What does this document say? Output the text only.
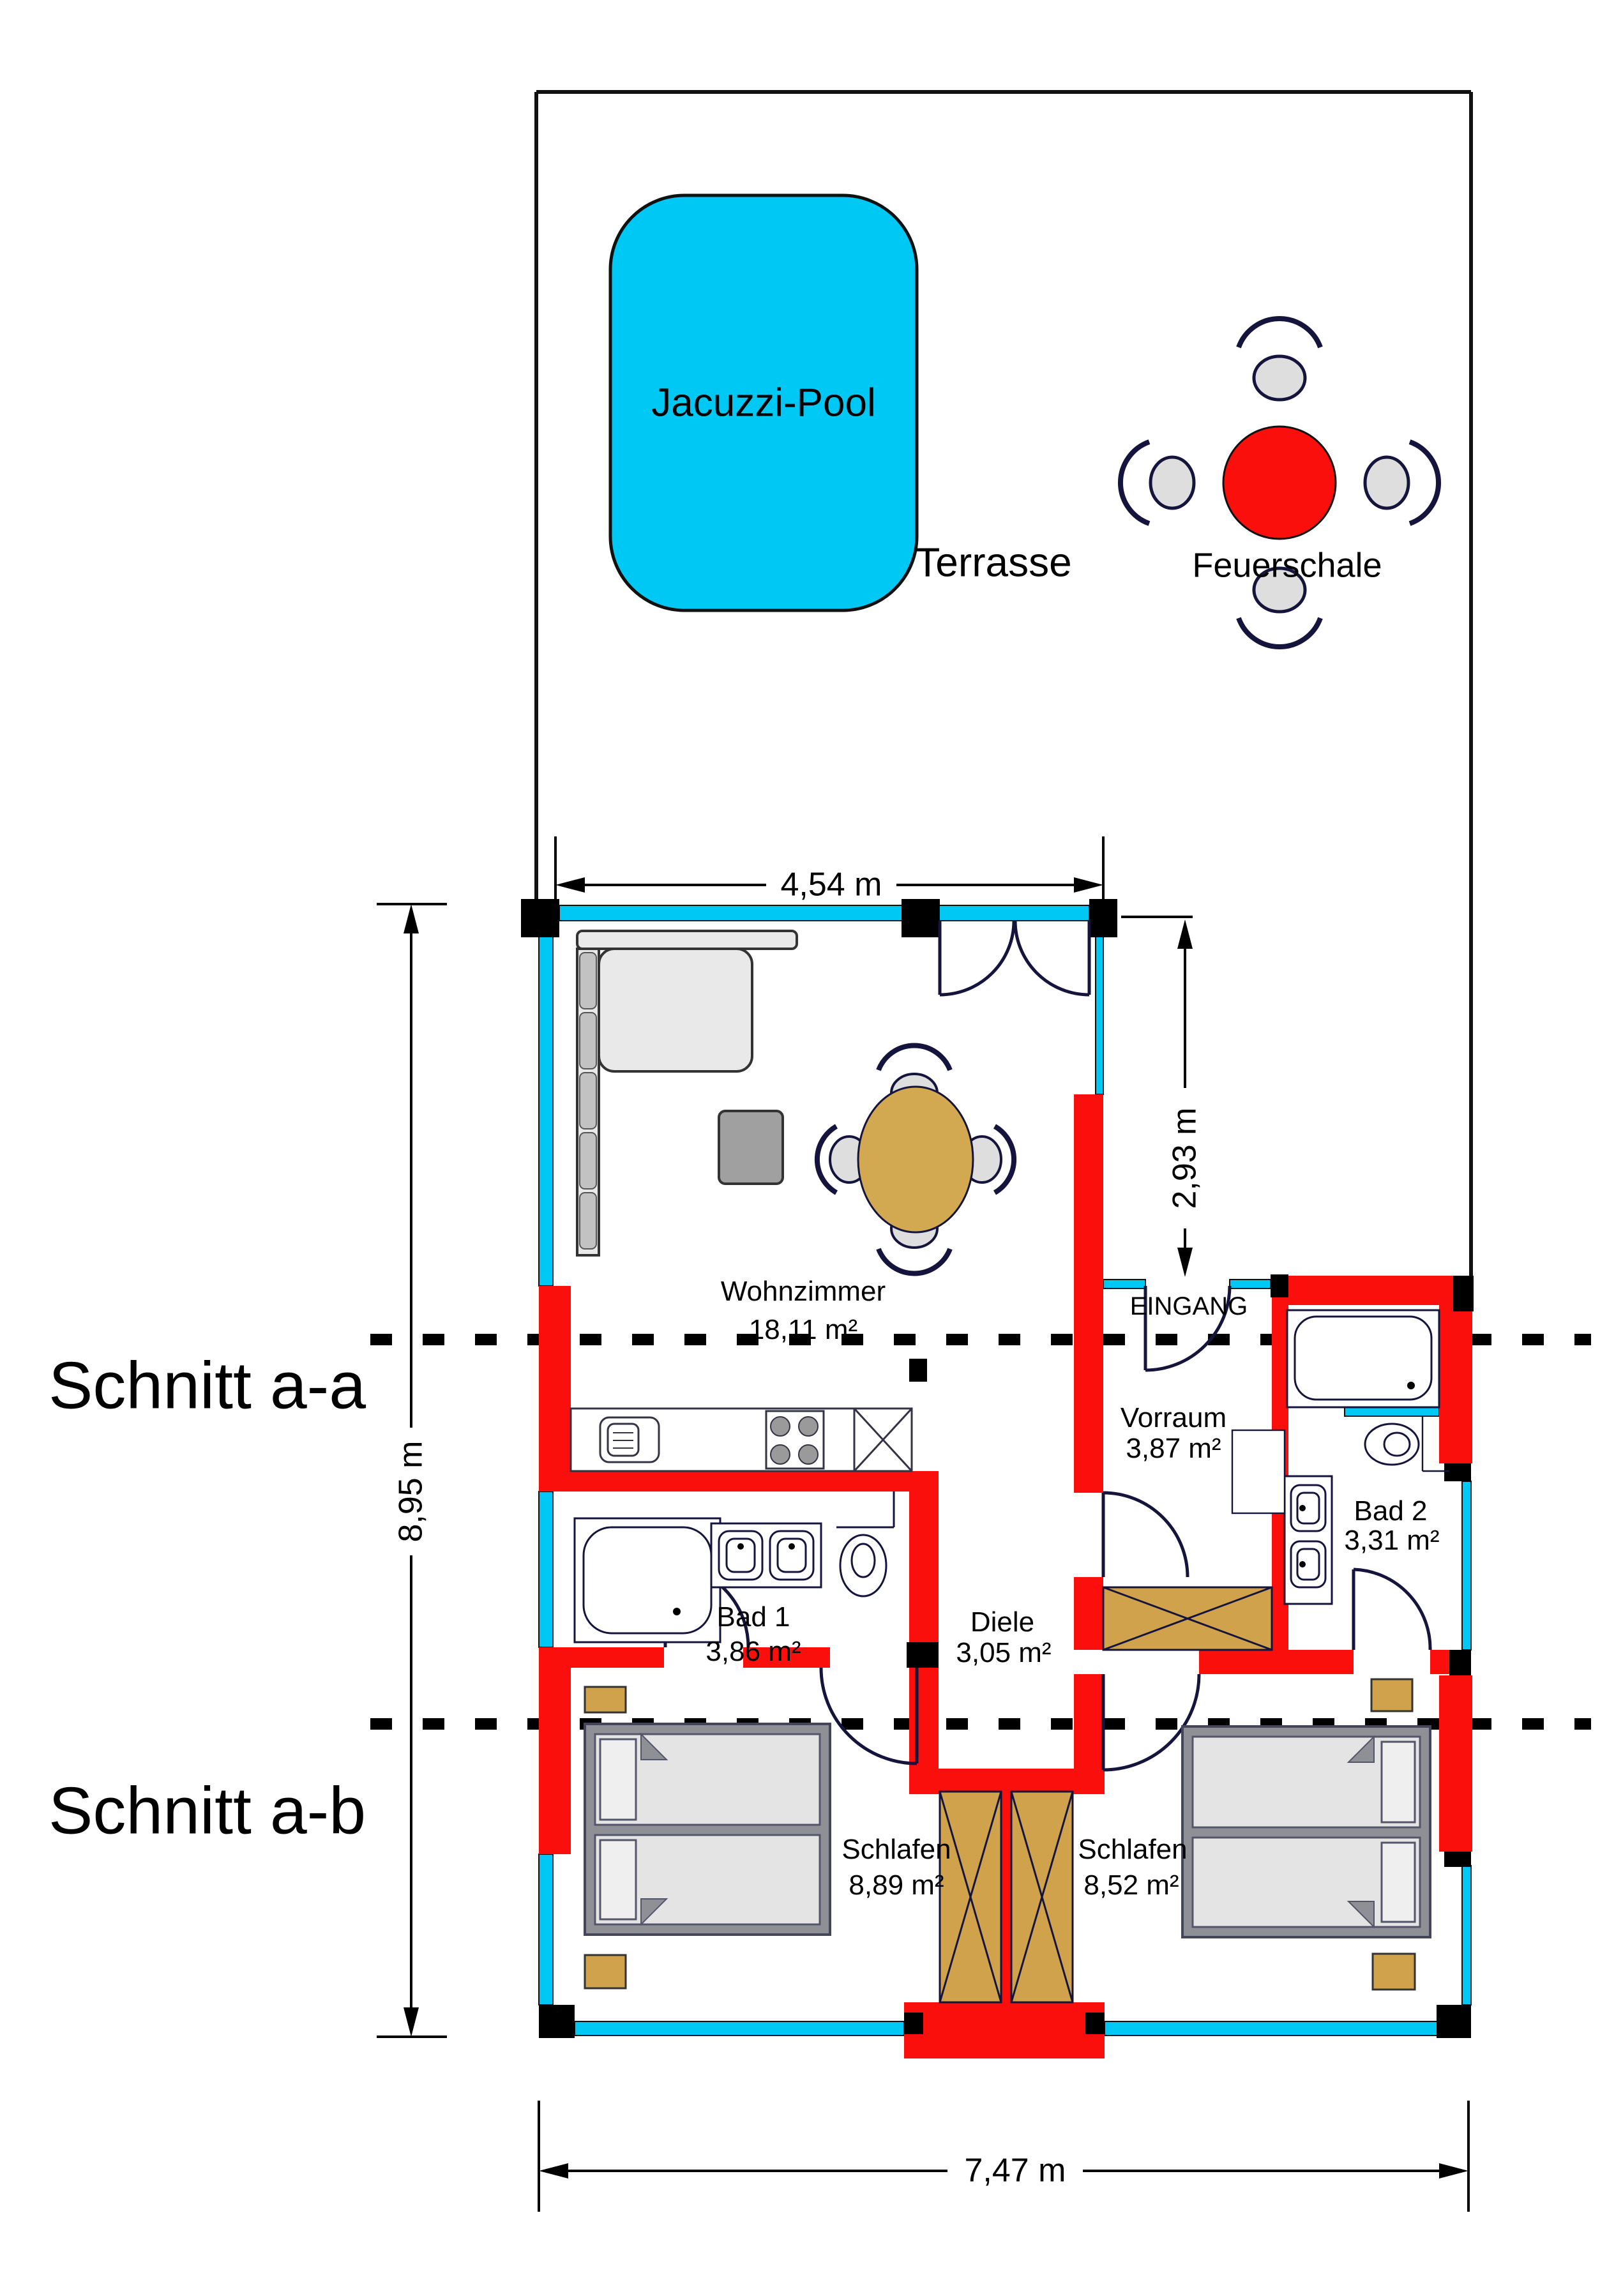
Jacuzzi-Pool
Terrasse	Feuerschale
Schnitt a-a
Schnitt a-b
4,54 m
2,93 m
8,95 m
7,47 m
EINGANG
Wohnzimmer
18,11 m²
Vorraum
3,87 m²
Bad 2
3,31 m²
Bad 1
3,86 m²
Diele
3,05 m²
Schlafen
8,89 m²
Schlafen
8,52 m²
